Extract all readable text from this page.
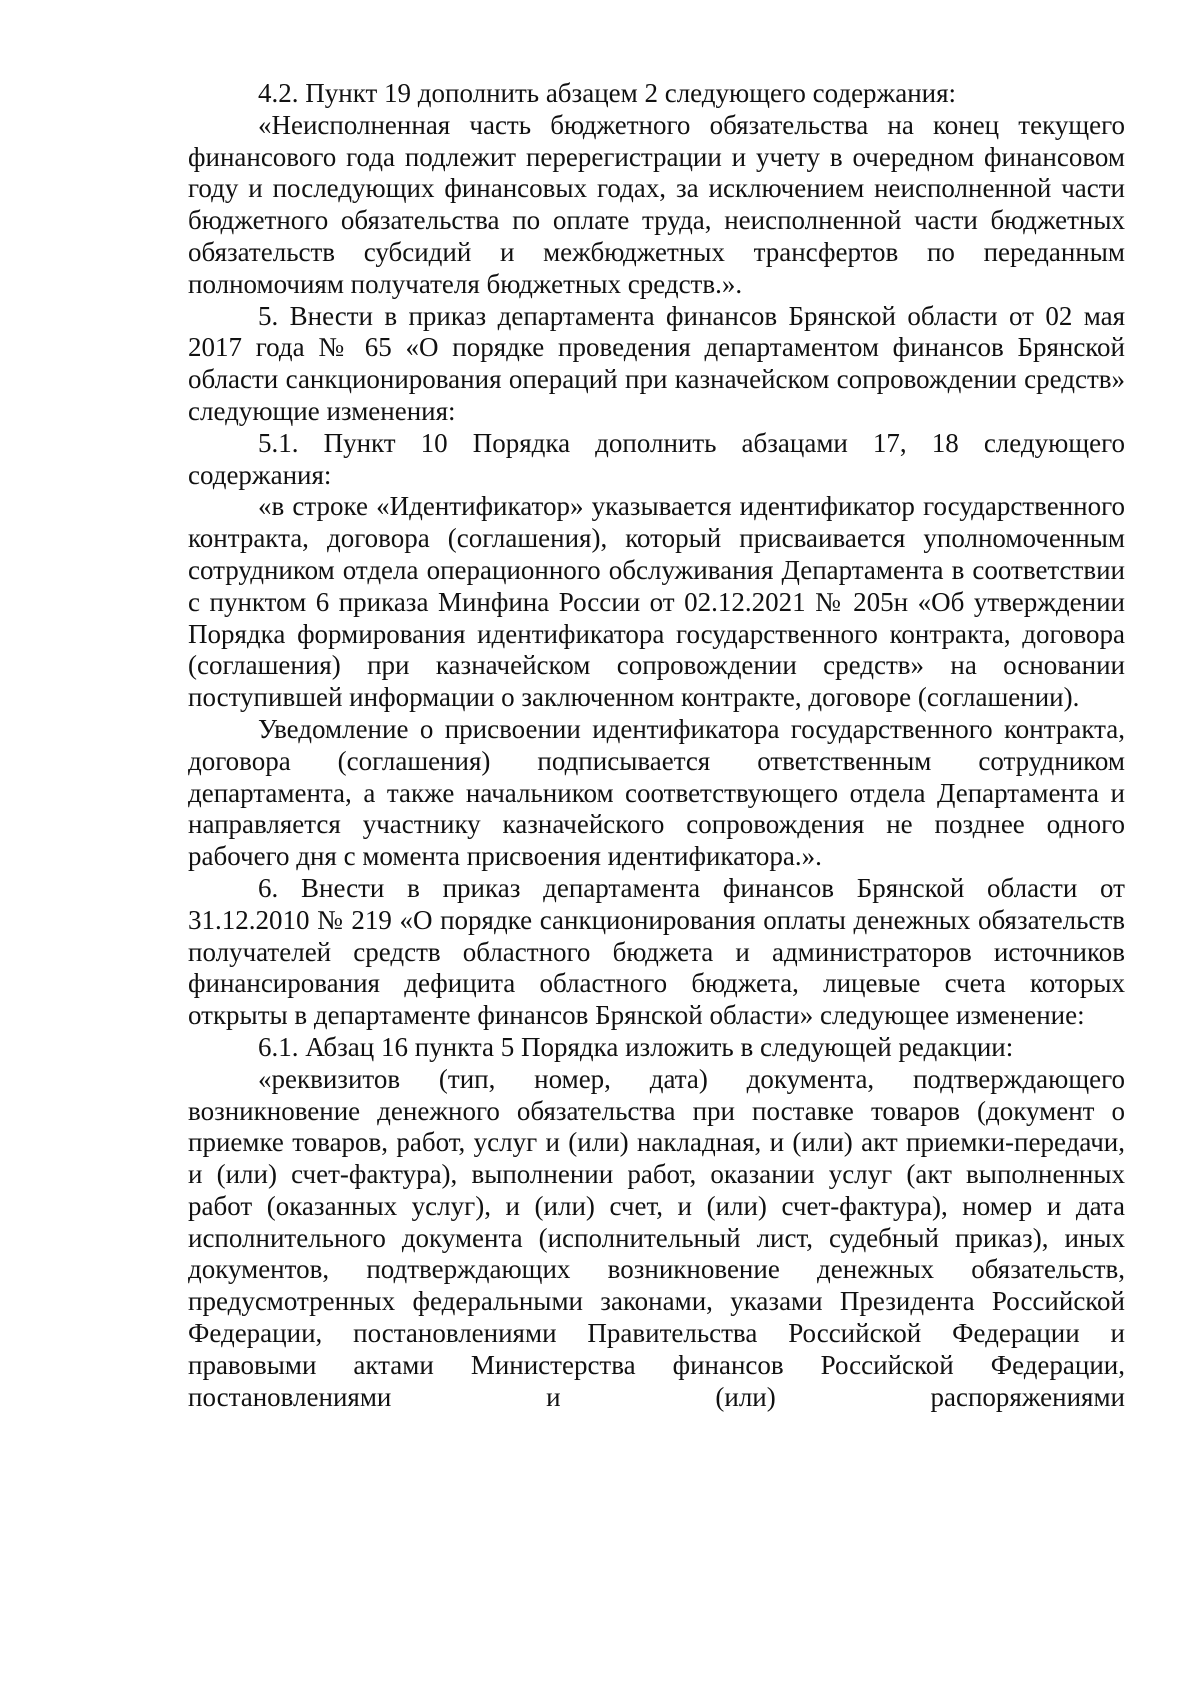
4.2. Пункт 19 дополнить абзацем 2 следующего содержания:

«Неисполненная часть бюджетного обязательства на конец текущего финансового года подлежит перерегистрации и учету в очередном финансовом году и последующих финансовых годах, за исключением неисполненной части бюджетного обязательства по оплате труда, неисполненной части бюджетных обязательств субсидий и межбюджетных трансфертов по переданным полномочиям получателя бюджетных средств.».

5. Внести в приказ департамента финансов Брянской области от 02 мая 2017 года № 65 «О порядке проведения департаментом финансов Брянской области санкционирования операций при казначейском сопровождении средств» следующие изменения:

5.1. Пункт 10 Порядка дополнить абзацами 17, 18 следующего содержания:

«в строке «Идентификатор» указывается идентификатор государственного контракта, договора (соглашения), который присваивается уполномоченным сотрудником отдела операционного обслуживания Департамента в соответствии с пунктом 6 приказа Минфина России от 02.12.2021 № 205н «Об утверждении Порядка формирования идентификатора государственного контракта, договора (соглашения) при казначейском сопровождении средств» на основании поступившей информации о заключенном контракте, договоре (соглашении).

Уведомление о присвоении идентификатора государственного контракта, договора (соглашения) подписывается ответственным сотрудником департамента, а также начальником соответствующего отдела Департамента и направляется участнику казначейского сопровождения не позднее одного рабочего дня с момента присвоения идентификатора.».

6. Внести в приказ департамента финансов Брянской области от 31.12.2010 № 219 «О порядке санкционирования оплаты денежных обязательств получателей средств областного бюджета и администраторов источников финансирования дефицита областного бюджета, лицевые счета которых открыты в департаменте финансов Брянской области» следующее изменение:

6.1. Абзац 16 пункта 5 Порядка изложить в следующей редакции:

«реквизитов (тип, номер, дата) документа, подтверждающего возникновение денежного обязательства при поставке товаров (документ о приемке товаров, работ, услуг и (или) накладная, и (или) акт приемки-передачи, и (или) счет-фактура), выполнении работ, оказании услуг (акт выполненных работ (оказанных услуг), и (или) счет, и (или) счет-фактура), номер и дата исполнительного документа (исполнительный лист, судебный приказ), иных документов, подтверждающих возникновение денежных обязательств, предусмотренных федеральными законами, указами Президента Российской Федерации, постановлениями Правительства Российской Федерации и правовыми актами Министерства финансов Российской Федерации, постановлениями и (или) распоряжениями
